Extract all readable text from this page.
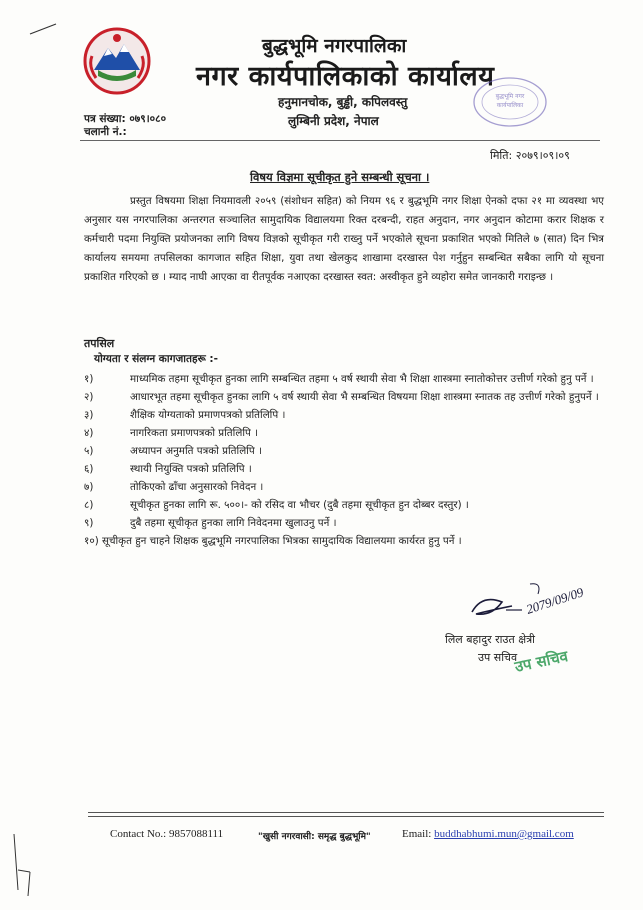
बुद्धभूमि नगरपालिका
नगर कार्यपालिकाको कार्यालय
हनुमानचोक, बुड्ढी, कपिलवस्तु
लुम्बिनी प्रदेश, नेपाल
पत्र संख्या: ०७९।०८०
चलानी नं.:
बुद्धभूमि नगर
कार्यपालिका
मिति: २०७९।०९।०९
विषय विज्ञमा सूचीकृत हुने सम्बन्धी सूचना ।
प्रस्तुत विषयमा शिक्षा नियमावली २०५९ (संशोधन सहित) को नियम ९६ र बुद्धभूमि नगर शिक्षा ऐनको दफा २१ मा व्यवस्था भए अनुसार यस नगरपालिका अन्तरगत सञ्चालित सामुदायिक विद्यालयमा रिक्त दरबन्दी, राहत अनुदान, नगर अनुदान कोटामा करार शिक्षक र कर्मचारी पदमा नियुक्ति प्रयोजनका लागि विषय विज्ञको सूचीकृत गरी राख्नु पर्ने भएकोले सूचना प्रकाशित भएको मितिले ७ (सात) दिन भित्र कार्यालय समयमा तपसिलका कागजात सहित शिक्षा, युवा तथा खेलकुद शाखामा दरखास्त पेश गर्नुहुन सम्बन्धित सबैका लागि यो सूचना प्रकाशित गरिएको छ । म्याद नाघी आएका वा रीतपूर्वक नआएका दरखास्त स्वत: अस्वीकृत हुने व्यहोरा समेत जानकारी गराइन्छ ।
तपसिल
योग्यता र संलग्न कागजातहरू :-
१)	माध्यमिक तहमा सूचीकृत हुनका लागि सम्बन्धित तहमा ५ वर्ष स्थायी सेवा भै शिक्षा शास्त्रमा स्नातोकोत्तर उत्तीर्ण गरेको हुनु पर्ने ।
२)	आधारभूत तहमा सूचीकृत हुनका लागि ५ वर्ष स्थायी सेवा भै सम्बन्धित विषयमा शिक्षा शास्त्रमा स्नातक तह उत्तीर्ण गरेको हुनुपर्ने ।
३)	शैक्षिक योग्यताको प्रमाणपत्रको प्रतिलिपि ।
४)	नागरिकता प्रमाणपत्रको प्रतिलिपि ।
५)	अध्यापन अनुमति पत्रको प्रतिलिपि ।
६)	स्थायी नियुक्ति पत्रको प्रतिलिपि ।
७)	तोकिएको ढाँचा अनुसारको निवेदन ।
८)	सूचीकृत हुनका लागि रू. ५००।- को रसिद वा भौचर (दुबै तहमा सूचीकृत हुन दोब्बर दस्तुर) ।
९)	दुबै तहमा सूचीकृत हुनका लागि निवेदनमा खुलाउनु पर्ने ।
१०) सूचीकृत हुन चाहने शिक्षक बुद्धभूमि नगरपालिका भित्रका सामुदायिक विद्यालयमा कार्यरत हुनु पर्ने ।
2079/09/09
लिल बहादुर राउत क्षेत्री
उप सचिव
उप सचिव
Contact No.: 9857088111	"खुसी नगरवासी: समृद्ध बुद्धभूमि"	Email: buddhabhumi.mun@gmail.com
